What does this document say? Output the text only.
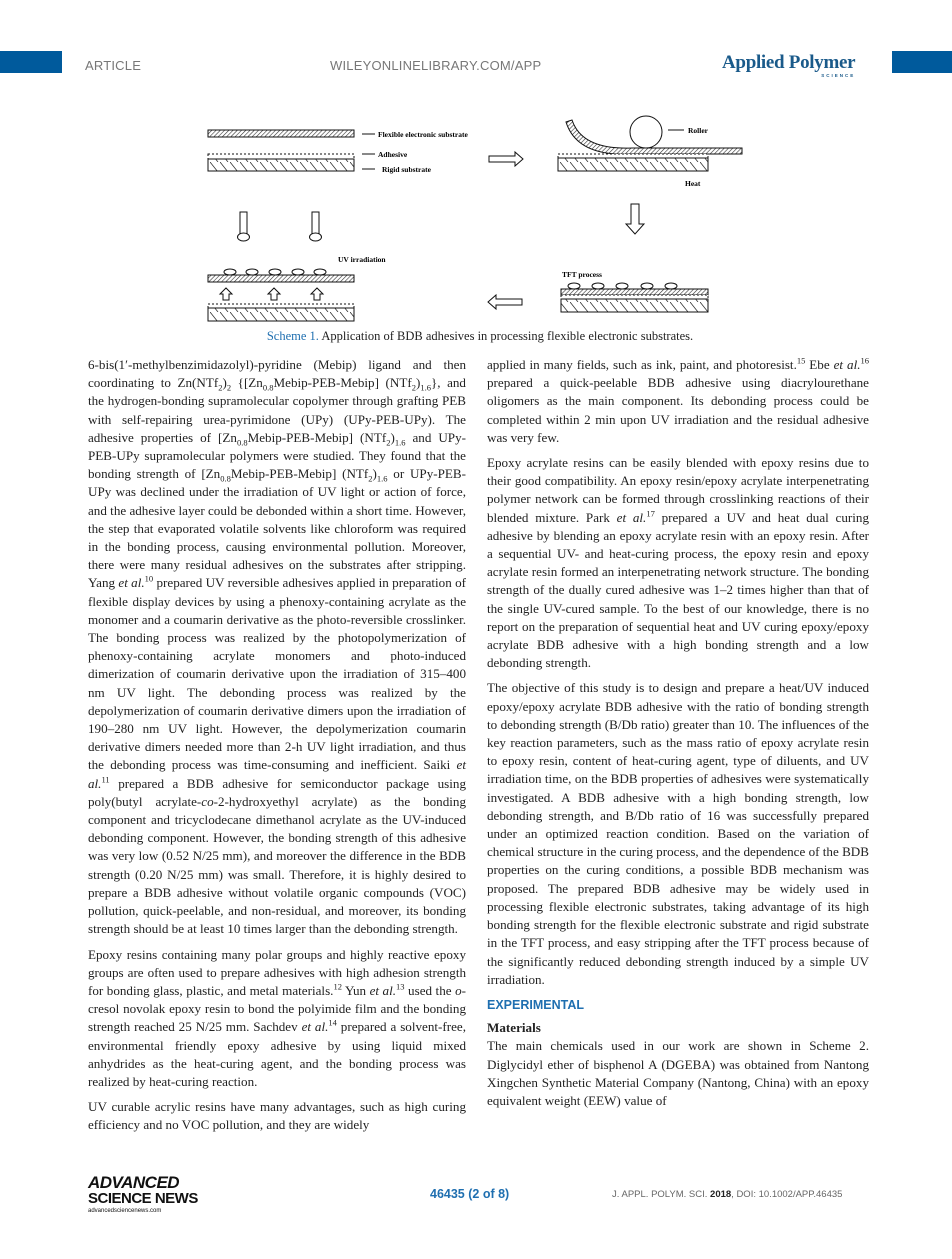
ARTICLE	WILEYONLINELIBRARY.COM/APP	Applied Polymer
SCIENCE
Flexible electronic substrate
Adhesive
Rigid substrate
Roller
Heat
UV irradiation
TFT process
Scheme 1. Application of BDB adhesives in processing flexible electronic substrates.

6-bis(1′-methylbenzimidazolyl)-pyridine (Mebip) ligand and then coordinating to $Zn(NTf_2)_2$ {$[Zn_{0.8}Mebip-PEB-Mebip]$ $(NTf_2)_{1.6}$}, and the hydrogen-bonding supramolecular copolymer through grafting PEB with self-repairing urea-pyrimidone (UPy) (UPy-PEB-UPy). The adhesive properties of $[Zn_{0.8}Mebip-PEB-Mebip]$ $(NTf_2)_{1.6}$ and UPy-PEB-UPy supramolecular polymers were studied. They found that the bonding strength of $[Zn_{0.8}Mebip-PEB-Mebip]$ $(NTf_2)_{1.6}$ or UPy-PEB-UPy was declined under the irradiation of UV light or action of force, and the adhesive layer could be debonded within a short time. However, the step that evaporated volatile solvents like chloroform was required in the bonding process, causing environmental pollution. Moreover, there were many residual adhesives on the substrates after stripping. Yang et al.$^{10}$ prepared UV reversible adhesives applied in preparation of flexible display devices by using a phenoxy-containing acrylate as the monomer and a coumarin derivative as the photo-reversible crosslinker. The bonding process was realized by the photopolymerization of phenoxy-containing acrylate monomers and photo-induced dimerization of coumarin derivative upon the irradiation of 315–400 nm UV light. The debonding process was realized by the depolymerization of coumarin derivative dimers upon the irradiation of 190–280 nm UV light. However, the depolymerization coumarin derivative dimers needed more than 2-h UV light irradiation, and thus the debonding process was time-consuming and inefficient. Saiki et al.$^{11}$ prepared a BDB adhesive for semiconductor package using poly(butyl acrylate-co-2-hydroxyethyl acrylate) as the bonding component and tricyclodecane dimethanol acrylate as the UV-induced debonding component. However, the bonding strength of this adhesive was very low (0.52 N/25 mm), and moreover the difference in the BDB strength (0.20 N/25 mm) was small. Therefore, it is highly desired to prepare a BDB adhesive without volatile organic compounds (VOC) pollution, quick-peelable, and non-residual, and moreover, its bonding strength should be at least 10 times larger than the debonding strength.

Epoxy resins containing many polar groups and highly reactive epoxy groups are often used to prepare adhesives with high adhesion strength for bonding glass, plastic, and metal materials.$^{12}$ Yun et al.$^{13}$ used the o-cresol novolak epoxy resin to bond the polyimide film and the bonding strength reached 25 N/25 mm. Sachdev et al.$^{14}$ prepared a solvent-free, environmental friendly epoxy adhesive by using liquid mixed anhydrides as the heat-curing agent, and the bonding process was realized by heat-curing reaction.

UV curable acrylic resins have many advantages, such as high curing efficiency and no VOC pollution, and they are widely

applied in many fields, such as ink, paint, and photoresist.$^{15}$ Ebe et al.$^{16}$ prepared a quick-peelable BDB adhesive using diacrylourethane oligomers as the main component. Its debonding process could be completed within 2 min upon UV irradiation and the residual adhesive was very few.

Epoxy acrylate resins can be easily blended with epoxy resins due to their good compatibility. An epoxy resin/epoxy acrylate interpenetrating polymer network can be formed through crosslinking reactions of their blended mixture. Park et al.$^{17}$ prepared a UV and heat dual curing adhesive by blending an epoxy acrylate resin with an epoxy resin. After a sequential UV- and heat-curing process, the epoxy resin and epoxy acrylate resin formed an interpenetrating network structure. The bonding strength of the dually cured adhesive was 1–2 times higher than that of the single UV-cured sample. To the best of our knowledge, there is no report on the preparation of sequential heat and UV curing epoxy/epoxy acrylate BDB adhesive with a high bonding strength and a low debonding strength.

The objective of this study is to design and prepare a heat/UV induced epoxy/epoxy acrylate BDB adhesive with the ratio of bonding strength to debonding strength (B/Db ratio) greater than 10. The influences of the key reaction parameters, such as the mass ratio of epoxy acrylate resin to epoxy resin, content of heat-curing agent, type of diluents, and UV irradiation time, on the BDB properties of adhesives were systematically investigated. A BDB adhesive with a high bonding strength, low debonding strength, and B/Db ratio of 16 was successfully prepared under an optimized reaction condition. Based on the variation of chemical structure in the curing process, and the dependence of the BDB properties on the curing conditions, a possible BDB mechanism was proposed. The prepared BDB adhesive may be widely used in processing flexible electronic substrates, taking advantage of its high bonding strength for the flexible electronic substrate and rigid substrate in the TFT process, and easy stripping after the TFT process because of the significantly reduced debonding strength induced by a simple UV irradiation.

EXPERIMENTAL

Materials

The main chemicals used in our work are shown in Scheme 2. Diglycidyl ether of bisphenol A (DGEBA) was obtained from Nantong Xingchen Synthetic Material Company (Nantong, China) with an epoxy equivalent weight (EEW) value of

ADVANCED
SCIENCE NEWS
advancedsciencenews.com
46435 (2 of 8)	J. APPL. POLYM. SCI. 2018, DOI: 10.1002/APP.46435
